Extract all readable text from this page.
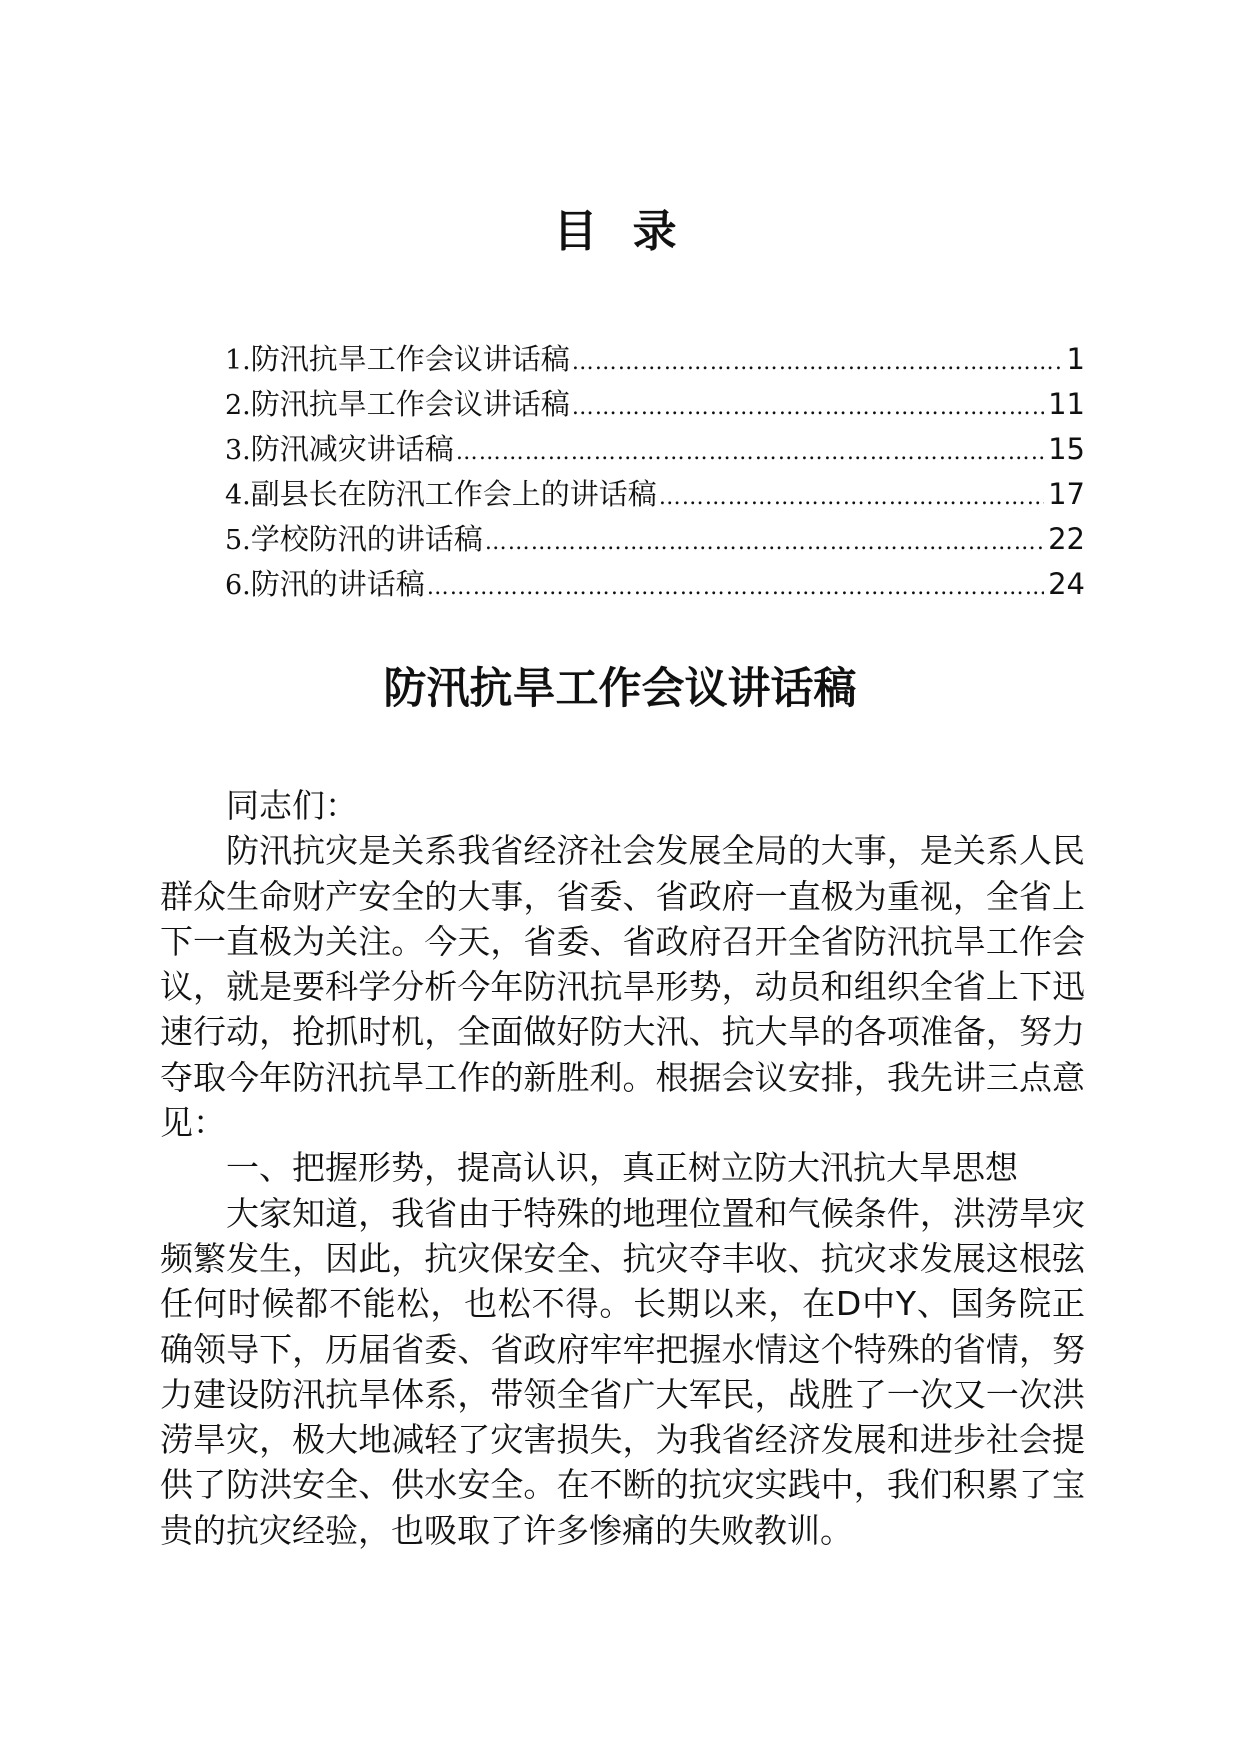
目 录
1. 防汛抗旱工作会议讲话稿 ……………………………………………………………………………………………………………………………………………………………………………………………………	1
2. 防汛抗旱工作会议讲话稿 ……………………………………………………………………………………………………………………………………………………………………………………………………	11
3. 防汛减灾讲话稿 ……………………………………………………………………………………………………………………………………………………………………………………………………	15
4. 副县长在防汛工作会上的讲话稿 ……………………………………………………………………………………………………………………………………………………………………………………………………	17
5. 学校防汛的讲话稿 ……………………………………………………………………………………………………………………………………………………………………………………………………	22
6. 防汛的讲话稿 ……………………………………………………………………………………………………………………………………………………………………………………………………	24
防汛抗旱工作会议讲话稿

同志们：

防汛抗灾是关系我省经济社会发展全局的大事，是关系人民群众生命财产安全的大事，省委、省政府一直极为重视，全省上下一直极为关注。今天，省委、省政府召开全省防汛抗旱工作会议，就是要科学分析今年防汛抗旱形势，动员和组织全省上下迅速行动，抢抓时机，全面做好防大汛、抗大旱的各项准备，努力夺取今年防汛抗旱工作的新胜利。根据会议安排，我先讲三点意见：

一、把握形势，提高认识，真正树立防大汛抗大旱思想

大家知道，我省由于特殊的地理位置和气候条件，洪涝旱灾频繁发生，因此，抗灾保安全、抗灾夺丰收、抗灾求发展这根弦任何时候都不能松，也松不得。长期以来，在D中Y、国务院正确领导下，历届省委、省政府牢牢把握水情这个特殊的省情，努力建设防汛抗旱体系，带领全省广大军民，战胜了一次又一次洪涝旱灾，极大地减轻了灾害损失，为我省经济发展和进步社会提供了防洪安全、供水安全。在不断的抗灾实践中，我们积累了宝贵的抗灾经验，也吸取了许多惨痛的失败教训。
